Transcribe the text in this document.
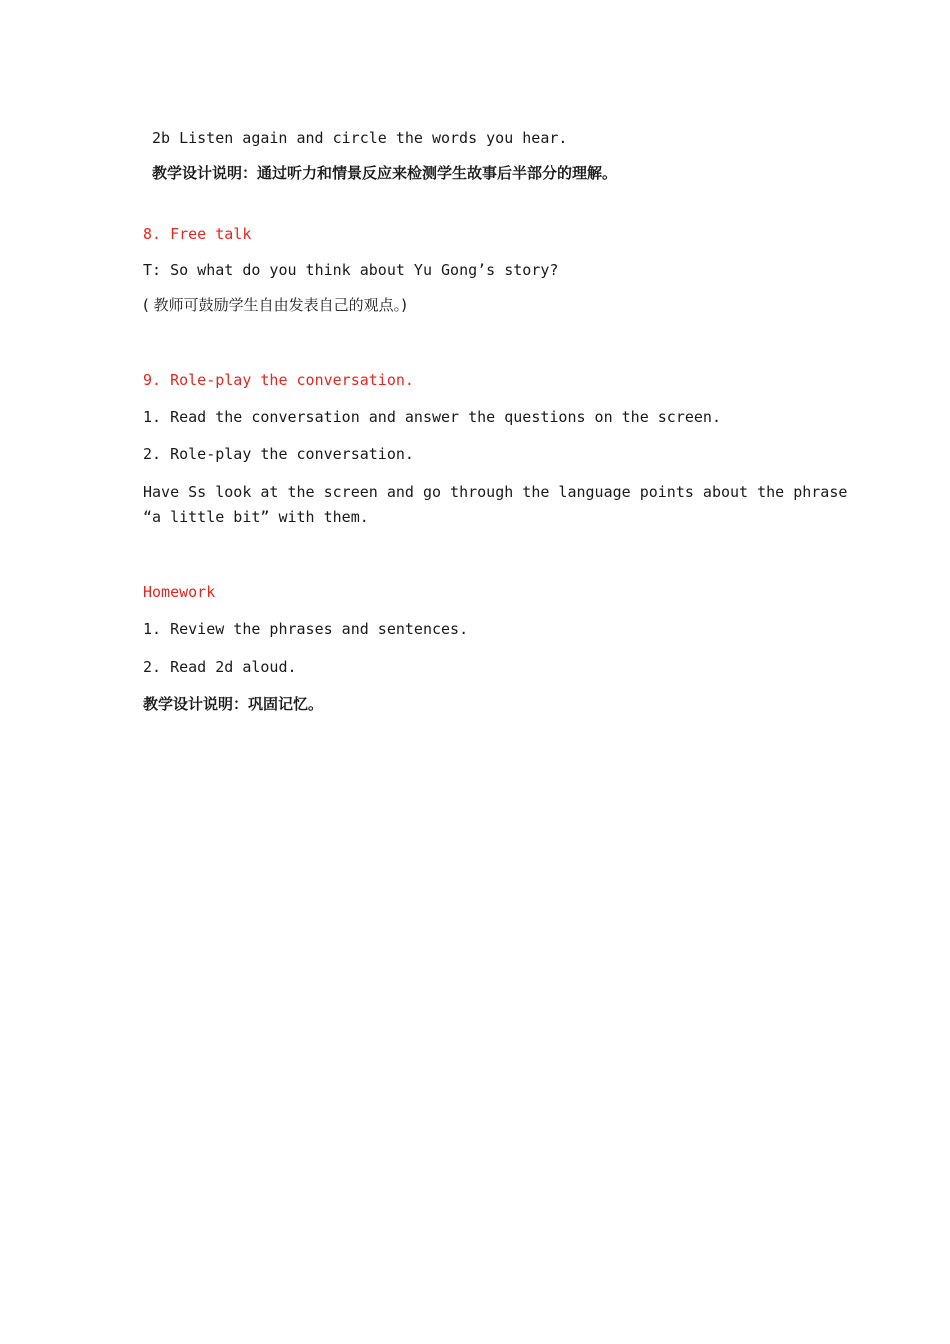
2b Listen again and circle the words you hear.
教学设计说明：通过听力和情景反应来检测学生故事后半部分的理解。
8. Free talk
T: So what do you think about Yu Gong’s story?
( 教师可鼓励学生自由发表自己的观点。)
9. Role-play the conversation.
1. Read the conversation and answer the questions on the screen.
2. Role-play the conversation.
Have Ss look at the screen and go through the language points about the phrase
“a little bit” with them.
Homework
1. Review the phrases and sentences.
2. Read 2d aloud.
教学设计说明：巩固记忆。
